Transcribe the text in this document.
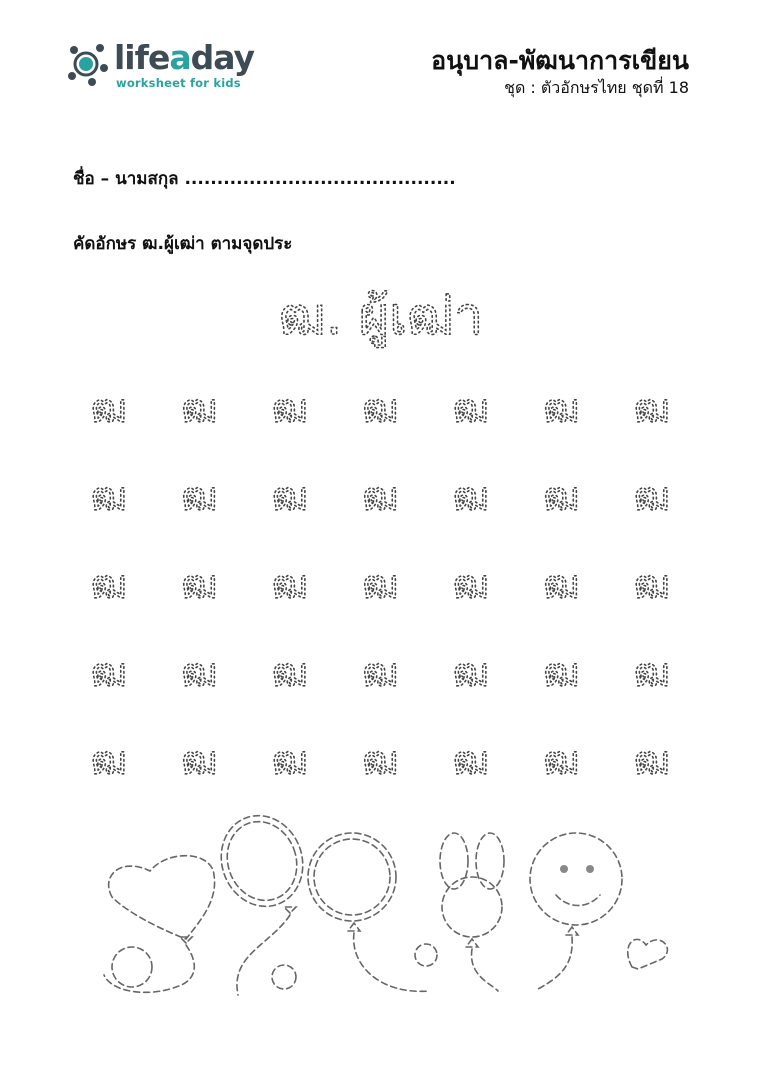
lifeaday
worksheet for kids
อนุบาล-พัฒนาการเขียน
ชุด : ตัวอักษรไทย ชุดที่ 18
ชื่อ – นามสกุล ..........................................
คัดอักษร ฒ.ผู้เฒ่า ตามจุดประ
ฒ. ผู้เฒ่า
ฒ ฒ ฒ ฒ ฒ ฒ ฒ
ฒ ฒ ฒ ฒ ฒ ฒ ฒ
ฒ ฒ ฒ ฒ ฒ ฒ ฒ
ฒ ฒ ฒ ฒ ฒ ฒ ฒ
ฒ ฒ ฒ ฒ ฒ ฒ ฒ
